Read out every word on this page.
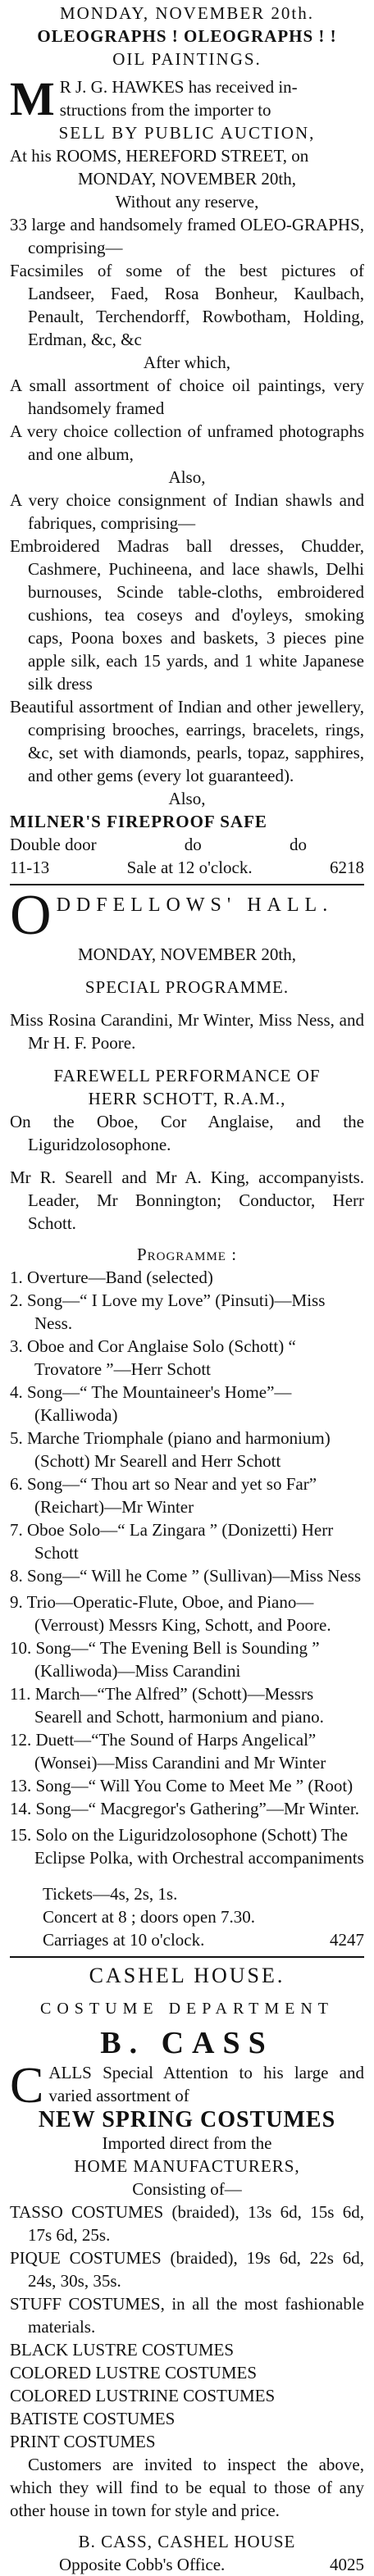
MONDAY, NOVEMBER 20th.
OLEOGRAPHS ! OLEOGRAPHS ! !
OIL PAINTINGS.
M R J. G. HAWKES has received in-
structions from the importer to
SELL BY PUBLIC AUCTION,
At his ROOMS, HEREFORD STREET, on
MONDAY, NOVEMBER 20th,
Without any reserve,
33 large and handsomely framed OLEO-GRAPHS, comprising—
Facsimiles of some of the best pictures of Landseer, Faed, Rosa Bonheur, Kaulbach, Penault, Terchendorff, Rowbotham, Holding, Erdman, &c, &c
After which,
A small assortment of choice oil paintings, very handsomely framed
A very choice collection of unframed photographs and one album,
Also,
A very choice consignment of Indian shawls and fabriques, comprising—
Embroidered Madras ball dresses, Chudder, Cashmere, Puchineena, and lace shawls, Delhi burnouses, Scinde table-cloths, embroidered cushions, tea coseys and d'oyleys, smoking caps, Poona boxes and baskets, 3 pieces pine apple silk, each 15 yards, and 1 white Japanese silk dress
Beautiful assortment of Indian and other jewellery, comprising brooches, earrings, bracelets, rings, &c, set with diamonds, pearls, topaz, sapphires, and other gems (every lot guaranteed).
Also,
MILNER'S FIREPROOF SAFE
Double door	do	do
11-13	Sale at 12 o'clock.	6218
O DDFELLOWS' HALL.
MONDAY, NOVEMBER 20th,
SPECIAL PROGRAMME.
Miss Rosina Carandini, Mr Winter, Miss Ness, and Mr H. F. Poore.
FAREWELL PERFORMANCE OF
HERR SCHOTT, R.A.M.,
On the Oboe, Cor Anglaise, and the Liguridzolosophone.
Mr R. Searell and Mr A. King, accompanyists. Leader, Mr Bonnington; Conductor, Herr Schott.
Programme :
1. Overture—Band (selected)
2. Song—“ I Love my Love” (Pinsuti)—Miss Ness.
3. Oboe and Cor Anglaise Solo (Schott) “ Trovatore ”—Herr Schott
4. Song—“ The Mountaineer's Home”—(Kalliwoda)
5. Marche Triomphale (piano and harmonium) (Schott) Mr Searell and Herr Schott
6. Song—“ Thou art so Near and yet so Far” (Reichart)—Mr Winter
7. Oboe Solo—“ La Zingara ” (Donizetti) Herr Schott
8. Song—“ Will he Come ” (Sullivan)—Miss Ness
9. Trio—Operatic-Flute, Oboe, and Piano—(Verroust) Messrs King, Schott, and Poore.
10. Song—“ The Evening Bell is Sounding ” (Kalliwoda)—Miss Carandini
11. March—“The Alfred” (Schott)—Messrs Searell and Schott, harmonium and piano.
12. Duett—“The Sound of Harps Angelical” (Wonsei)—Miss Carandini and Mr Winter
13. Song—“ Will You Come to Meet Me ” (Root)
14. Song—“ Macgregor's Gathering”—Mr Winter.
15. Solo on the Liguridzolosophone (Schott) The Eclipse Polka, with Orchestral accompaniments
Tickets—4s, 2s, 1s.
Concert at 8 ; doors open 7.30.
Carriages at 10 o'clock.	4247
CASHEL HOUSE.
COSTUME DEPARTMENT
B. CASS
C ALLS Special Attention to his large and varied assortment of
NEW SPRING COSTUMES
Imported direct from the
HOME MANUFACTURERS,
Consisting of—
TASSO COSTUMES (braided), 13s 6d, 15s 6d, 17s 6d, 25s.
PIQUE COSTUMES (braided), 19s 6d, 22s 6d, 24s, 30s, 35s.
STUFF COSTUMES, in all the most fashionable materials.
BLACK LUSTRE COSTUMES
COLORED LUSTRE COSTUMES
COLORED LUSTRINE COSTUMES
BATISTE COSTUMES
PRINT COSTUMES
Customers are invited to inspect the above, which they will find to be equal to those of any other house in town for style and price.
B. CASS, CASHEL HOUSE
Opposite Cobb's Office.	4025
